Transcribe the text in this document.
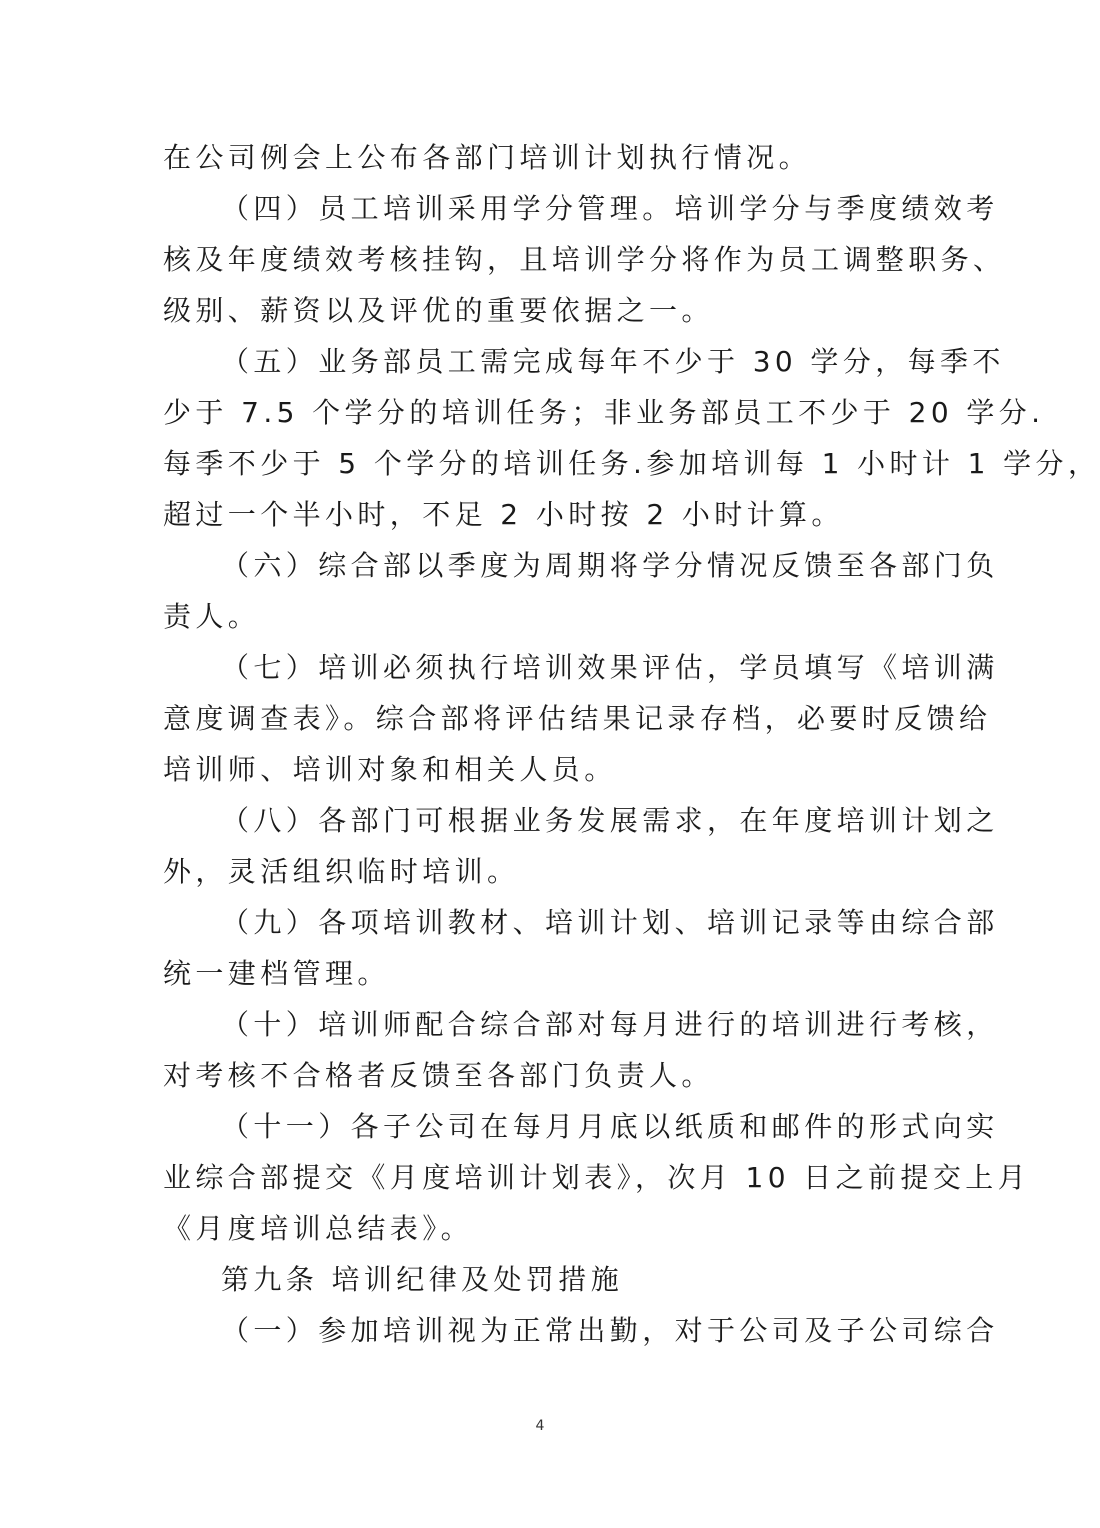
在公司例会上公布各部门培训计划执行情况。
（四）员工培训采用学分管理。培训学分与季度绩效考
核及年度绩效考核挂钩，且培训学分将作为员工调整职务、
级别、薪资以及评优的重要依据之一。
（五）业务部员工需完成每年不少于 30 学分，每季不
少于 7.5 个学分的培训任务；非业务部员工不少于 20 学分.
每季不少于 5 个学分的培训任务.参加培训每 1 小时计 1 学分，
超过一个半小时，不足 2 小时按 2 小时计算。
（六）综合部以季度为周期将学分情况反馈至各部门负
责人。
（七）培训必须执行培训效果评估，学员填写《培训满
意度调查表》。综合部将评估结果记录存档，必要时反馈给
培训师、培训对象和相关人员。
（八）各部门可根据业务发展需求，在年度培训计划之
外，灵活组织临时培训。
（九）各项培训教材、培训计划、培训记录等由综合部
统一建档管理。
（十）培训师配合综合部对每月进行的培训进行考核，
对考核不合格者反馈至各部门负责人。
（十一）各子公司在每月月底以纸质和邮件的形式向实
业综合部提交《月度培训计划表》，次月 10 日之前提交上月
《月度培训总结表》。
第九条 培训纪律及处罚措施
（一）参加培训视为正常出勤，对于公司及子公司综合
4
